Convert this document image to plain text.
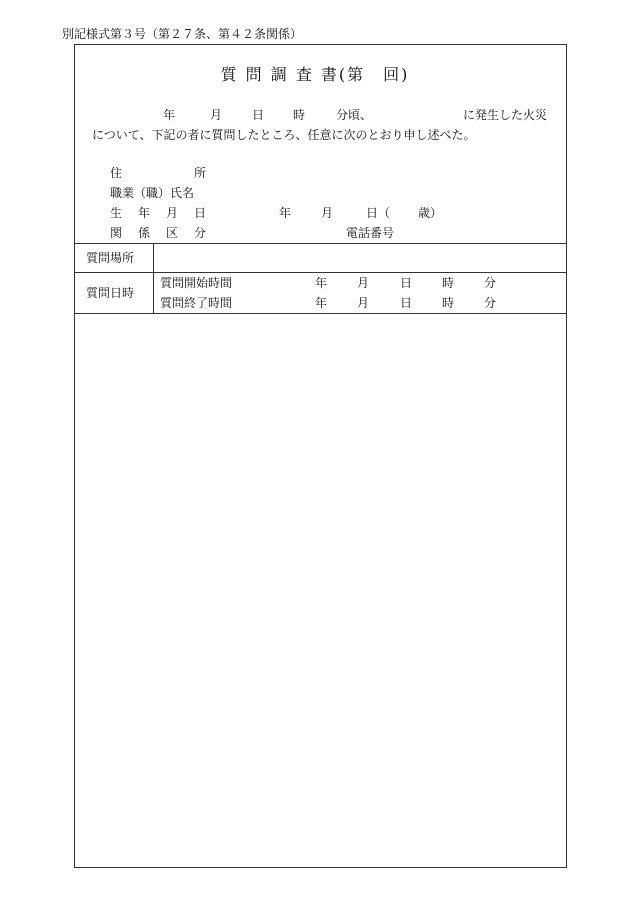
別記様式第３号（第２７条、第４２条関係）
質 問 調 査 書(第　回)
年	月 日 時	分頃、	に発生した火災
について、下記の者に質問したところ、任意に次のとおり申し述べた。
住	所
職業（職）氏名
生 年 月 日	年 月	日（ 歳）
関 係 区 分	電話番号
質問場所
質問日時
質問開始時間	年 月	日 時 分
質問終了時間	年 月	日 時 分
